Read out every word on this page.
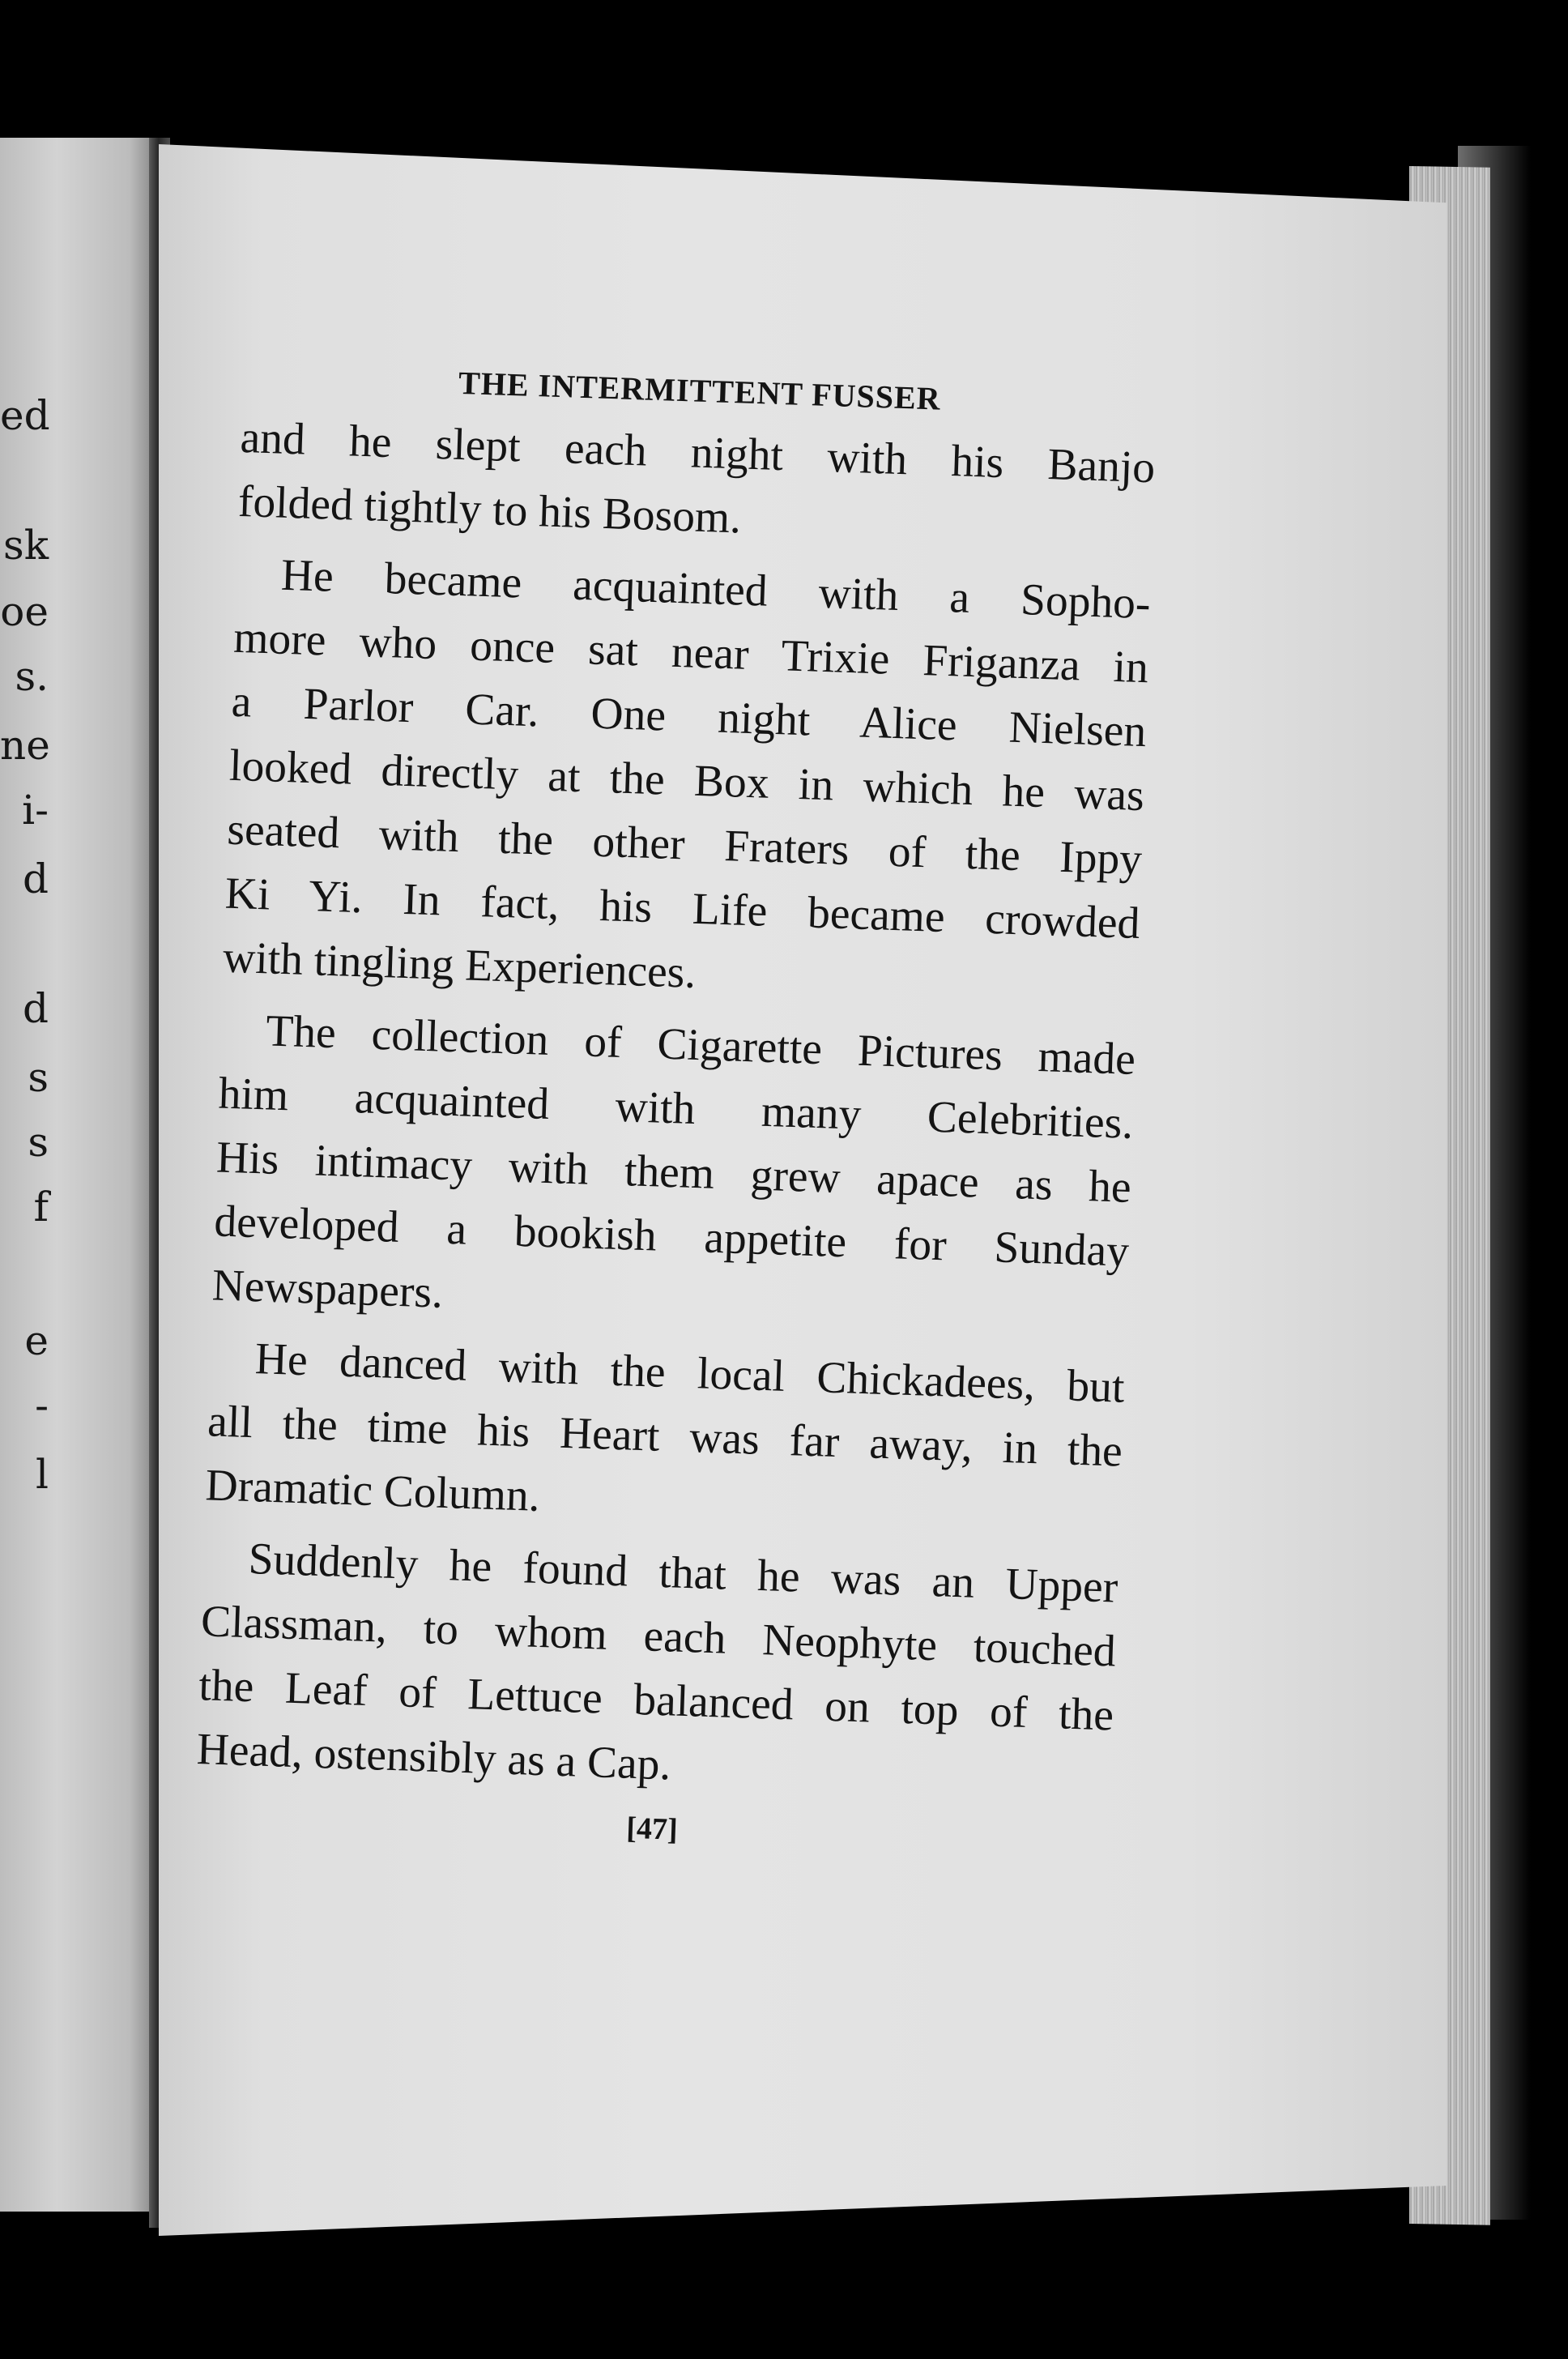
ed
sk
oe
s.
ne
i-
d
d
s
s
f
e
-
l
THE INTERMITTENT FUSSER
and he slept each night with his Banjo
folded tightly to his Bosom.
He became acquainted with a Sopho-
more who once sat near Trixie Friganza in
a Parlor Car. One night Alice Nielsen
looked directly at the Box in which he was
seated with the other Fraters of the Ippy
Ki Yi. In fact, his Life became crowded
with tingling Experiences.
The collection of Cigarette Pictures made
him acquainted with many Celebrities.
His intimacy with them grew apace as he
developed a bookish appetite for Sunday
Newspapers.
He danced with the local Chickadees, but
all the time his Heart was far away, in the
Dramatic Column.
Suddenly he found that he was an Upper
Classman, to whom each Neophyte touched
the Leaf of Lettuce balanced on top of the
Head, ostensibly as a Cap.
[47]
